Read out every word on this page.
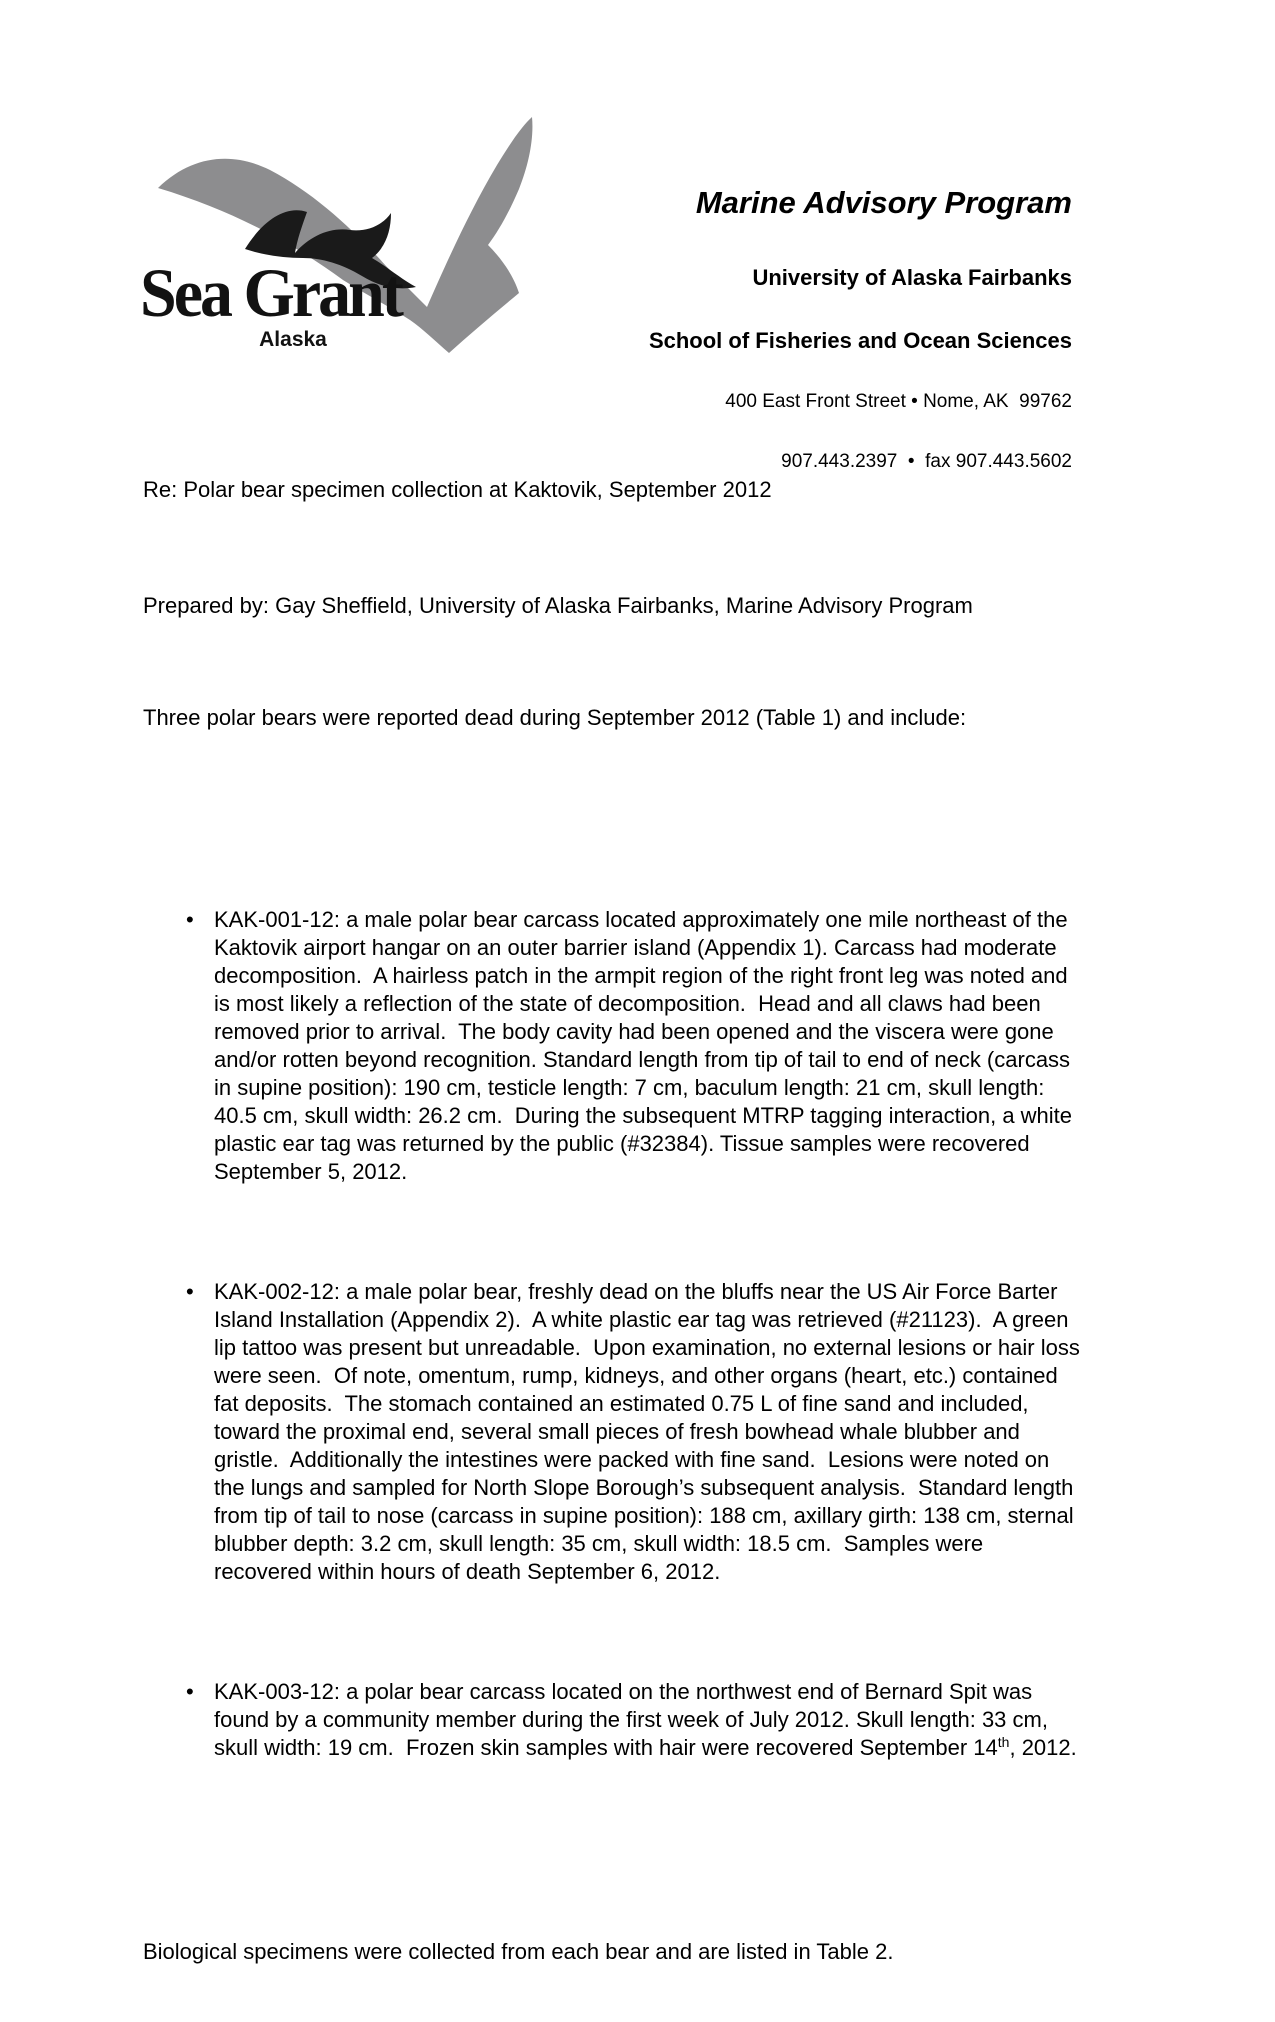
Sea Grant
Alaska

Marine Advisory Program

University of Alaska Fairbanks

School of Fisheries and Ocean Sciences

400 East Front Street • Nome, AK  99762

907.443.2397  •  fax 907.443.5602

Re: Polar bear specimen collection at Kaktovik, September 2012

Prepared by: Gay Sheffield, University of Alaska Fairbanks, Marine Advisory Program

Three polar bears were reported dead during September 2012 (Table 1) and include:

• KAK-001-12: a male polar bear carcass located approximately one mile northeast of the Kaktovik airport hangar on an outer barrier island (Appendix 1). Carcass had moderate decomposition.  A hairless patch in the armpit region of the right front leg was noted and is most likely a reflection of the state of decomposition.  Head and all claws had been removed prior to arrival.  The body cavity had been opened and the viscera were gone and/or rotten beyond recognition. Standard length from tip of tail to end of neck (carcass in supine position): 190 cm, testicle length: 7 cm, baculum length: 21 cm, skull length: 40.5 cm, skull width: 26.2 cm.  During the subsequent MTRP tagging interaction, a white plastic ear tag was returned by the public (#32384). Tissue samples were recovered September 5, 2012.

• KAK-002-12: a male polar bear, freshly dead on the bluffs near the US Air Force Barter Island Installation (Appendix 2).  A white plastic ear tag was retrieved (#21123).  A green lip tattoo was present but unreadable.  Upon examination, no external lesions or hair loss were seen.  Of note, omentum, rump, kidneys, and other organs (heart, etc.) contained fat deposits.  The stomach contained an estimated 0.75 L of fine sand and included, toward the proximal end, several small pieces of fresh bowhead whale blubber and gristle.  Additionally the intestines were packed with fine sand.  Lesions were noted on the lungs and sampled for North Slope Borough’s subsequent analysis.  Standard length from tip of tail to nose (carcass in supine position): 188 cm, axillary girth: 138 cm, sternal blubber depth: 3.2 cm, skull length: 35 cm, skull width: 18.5 cm.  Samples were recovered within hours of death September 6, 2012.

• KAK-003-12: a polar bear carcass located on the northwest end of Bernard Spit was found by a community member during the first week of July 2012. Skull length: 33 cm, skull width: 19 cm.  Frozen skin samples with hair were recovered September 14th, 2012.

Biological specimens were collected from each bear and are listed in Table 2.
